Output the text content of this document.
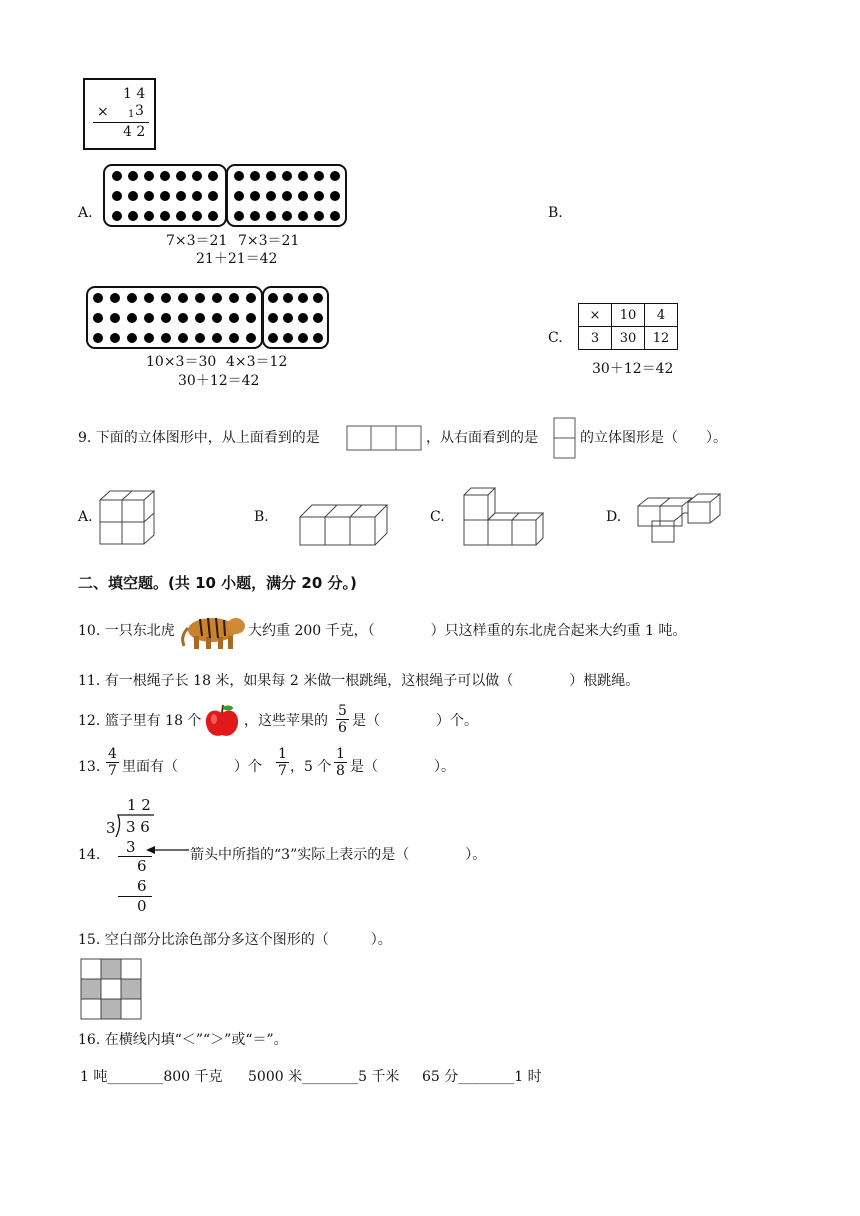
1 4
× 1 3
4 2
A.
7×3＝21 7×3＝21
21＋21＝42
B.
10×3＝30 4×3＝12
30＋12＝42
C.
×	10	4
3	30	12
30＋12＝42
9. 下面的立体图形中，从上面看到的是	，从右面看到的是	的立体图形是（　　）。
A.	B.	C.	D.
二、填空题。(共 10 小题，满分 20 分。)
10. 一只东北虎	大约重 200 千克，（　　　　）只这样重的东北虎合起来大约重 1 吨。
11. 有一根绳子长 18 米，如果每 2 米做一根跳绳，这根绳子可以做（　　　　）根跳绳。
12. 篮子里有 18 个	，这些苹果的 $\frac{5}{6}$ 是（　　　　）个。
13. $\frac{4}{7}$ 里面有（　　　　）个 $\frac{1}{7}$ ，5 个 $\frac{1}{8}$ 是（　　　　）。
14.
1 2
3 3 6
3
6
6
0
箭头中所指的“3”实际上表示的是（　　　　）。
15. 空白部分比涂色部分多这个图形的（　　　）。
16. 在横线内填“＜”“＞”或“＝”。
1 吨________800 千克 5000 米________5 千米 65 分________1 时
